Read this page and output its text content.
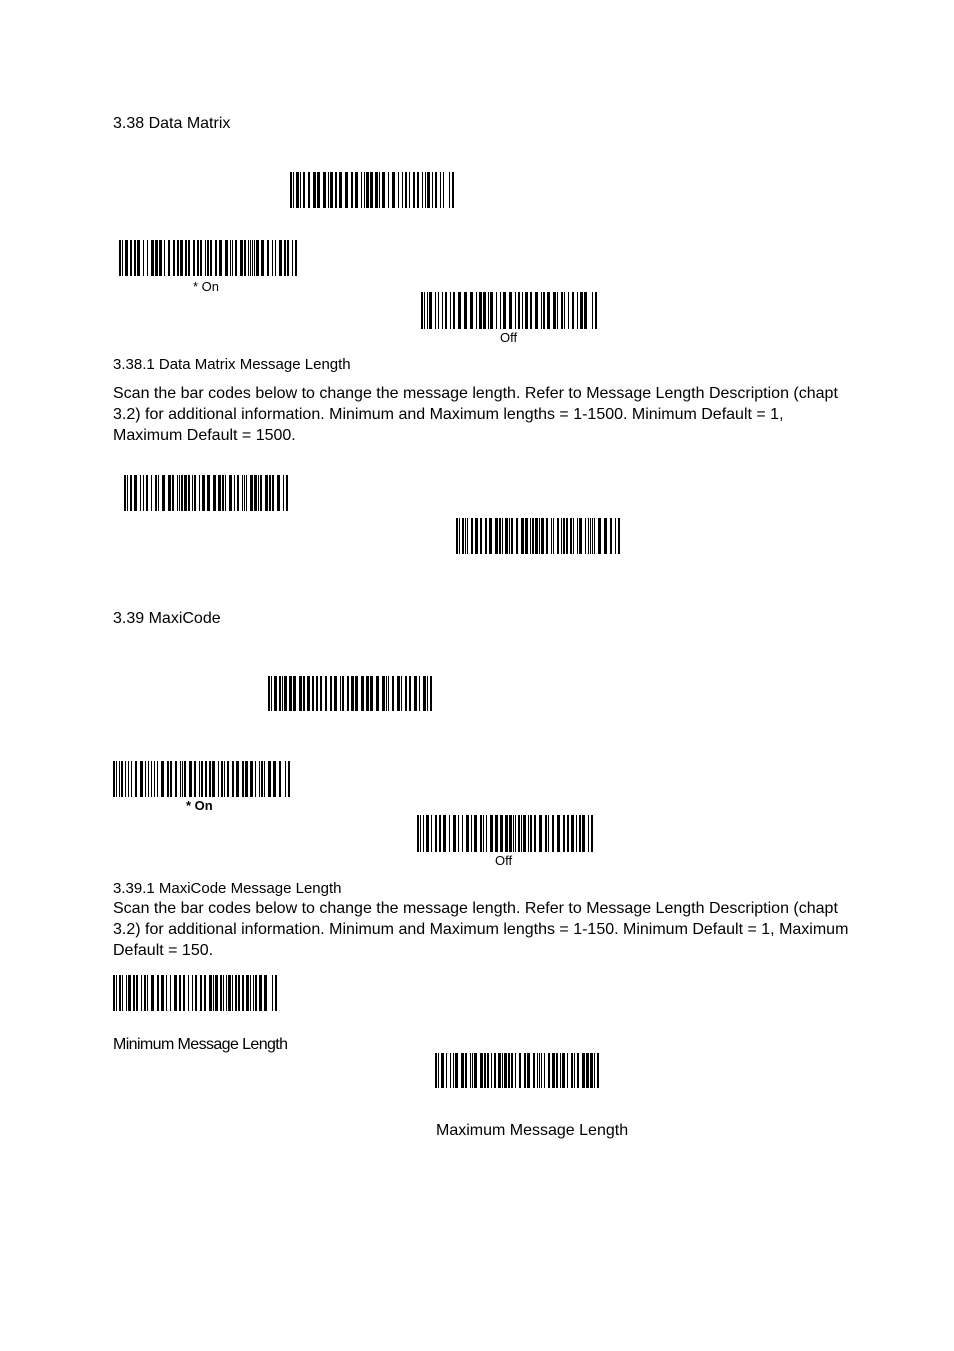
3.38 Data Matrix
* On
Off
3.38.1 Data Matrix Message Length
Scan the bar codes below to change the message length. Refer to Message Length Description (chapt 3.2) for additional information. Minimum and Maximum lengths = 1-1500. Minimum Default = 1, Maximum Default = 1500.
3.39 MaxiCode
* On
Off
3.39.1 MaxiCode Message Length
Scan the bar codes below to change the message length. Refer to Message Length Description (chapt 3.2) for additional information. Minimum and Maximum lengths = 1-150. Minimum Default = 1, Maximum Default = 150.
Minimum Message Length
Maximum Message Length
